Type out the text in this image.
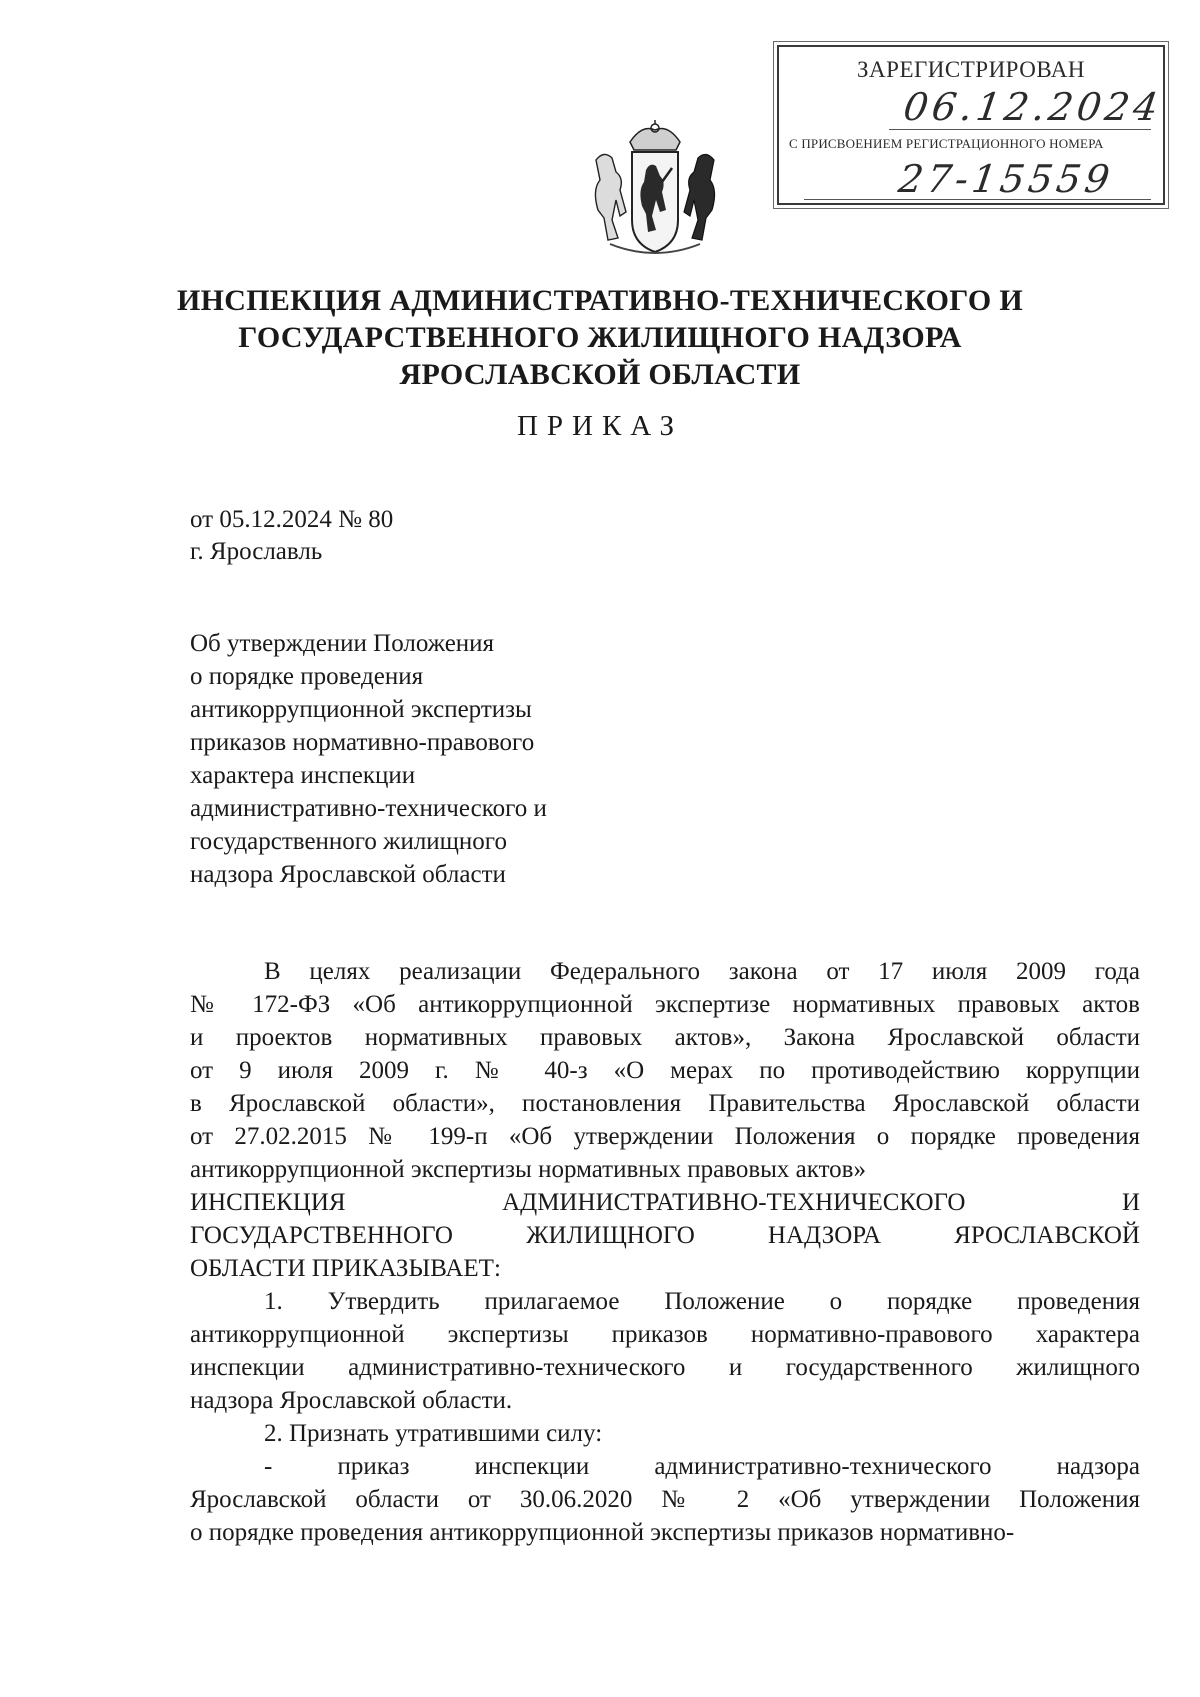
ЗАРЕГИСТРИРОВАН
06.12.2024
С ПРИСВОЕНИЕМ РЕГИСТРАЦИОННОГО НОМЕРА
27-15559
ИНСПЕКЦИЯ АДМИНИСТРАТИВНО-ТЕХНИЧЕСКОГО И
ГОСУДАРСТВЕННОГО ЖИЛИЩНОГО НАДЗОРА
ЯРОСЛАВСКОЙ ОБЛАСТИ
ПРИКАЗ
от 05.12.2024 № 80
г. Ярославль
Об утверждении Положения
о порядке проведения
антикоррупционной экспертизы
приказов нормативно-правового
характера инспекции
административно-технического и
государственного жилищного
надзора Ярославской области
В целях реализации Федерального закона от 17 июля 2009 года
№ 172-ФЗ «Об антикоррупционной экспертизе нормативных правовых актов
и проектов нормативных правовых актов», Закона Ярославской области
от 9 июля 2009 г. № 40-з «О мерах по противодействию коррупции
в Ярославской области», постановления Правительства Ярославской области
от 27.02.2015 № 199-п «Об утверждении Положения о порядке проведения
антикоррупционной экспертизы нормативных правовых актов»
ИНСПЕКЦИЯ АДМИНИСТРАТИВНО-ТЕХНИЧЕСКОГО И
ГОСУДАРСТВЕННОГО ЖИЛИЩНОГО НАДЗОРА ЯРОСЛАВСКОЙ
ОБЛАСТИ ПРИКАЗЫВАЕТ:
1. Утвердить прилагаемое Положение о порядке проведения
антикоррупционной экспертизы приказов нормативно-правового характера
инспекции административно-технического и государственного жилищного
надзора Ярославской области.
2. Признать утратившими силу:
- приказ инспекции административно-технического надзора
Ярославской области от 30.06.2020 № 2 «Об утверждении Положения
о порядке проведения антикоррупционной экспертизы приказов нормативно-
